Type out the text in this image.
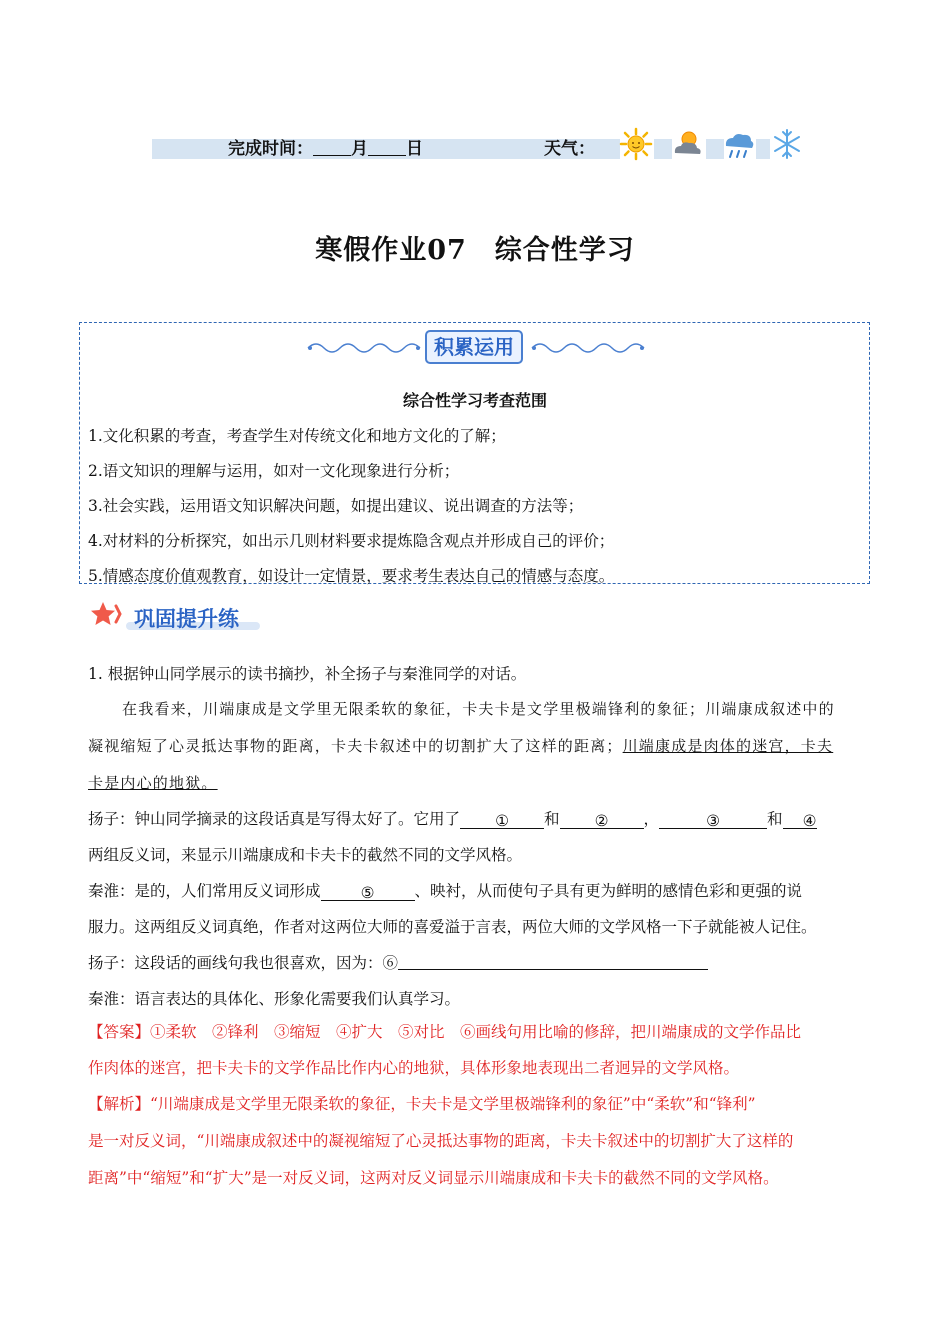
完成时间： 月 日	天气：
寒假作业07　综合性学习
积累运用
综合性学习考查范围
1.文化积累的考查，考查学生对传统文化和地方文化的了解；
2.语文知识的理解与运用，如对一文化现象进行分析；
3.社会实践，运用语文知识解决问题，如提出建议、说出调查的方法等；
4.对材料的分析探究，如出示几则材料要求提炼隐含观点并形成自己的评价；
5.情感态度价值观教育，如设计一定情景，要求考生表达自己的情感与态度。
巩固提升练
1. 根据钟山同学展示的读书摘抄，补全扬子与秦淮同学的对话。
在我看来，川端康成是文学里无限柔软的象征，卡夫卡是文学里极端锋利的象征；川端康成叙述中的
凝视缩短了心灵抵达事物的距离，卡夫卡叙述中的切割扩大了这样的距离；川端康成是肉体的迷宫，卡夫
卡是内心的地狱。
扬子：钟山同学摘录的这段话真是写得太好了。它用了 ① 和 ② ，	③	和 ④
两组反义词，来显示川端康成和卡夫卡的截然不同的文学风格。
秦淮：是的，人们常用反义词形成	⑤	、映衬，从而使句子具有更为鲜明的感情色彩和更强的说
服力。这两组反义词真绝，作者对这两位大师的喜爱溢于言表，两位大师的文学风格一下子就能被人记住。
扬子：这段话的画线句我也很喜欢，因为：⑥
秦淮：语言表达的具体化、形象化需要我们认真学习。
【答案】①柔软　②锋利　③缩短　④扩大　⑤对比　⑥画线句用比喻的修辞，把川端康成的文学作品比
作肉体的迷宫，把卡夫卡的文学作品比作内心的地狱，具体形象地表现出二者迥异的文学风格。
【解析】“川端康成是文学里无限柔软的象征，卡夫卡是文学里极端锋利的象征”中“柔软”和“锋利”
是一对反义词，“川端康成叙述中的凝视缩短了心灵抵达事物的距离，卡夫卡叙述中的切割扩大了这样的
距离”中“缩短”和“扩大”是一对反义词，这两对反义词显示川端康成和卡夫卡的截然不同的文学风格。
